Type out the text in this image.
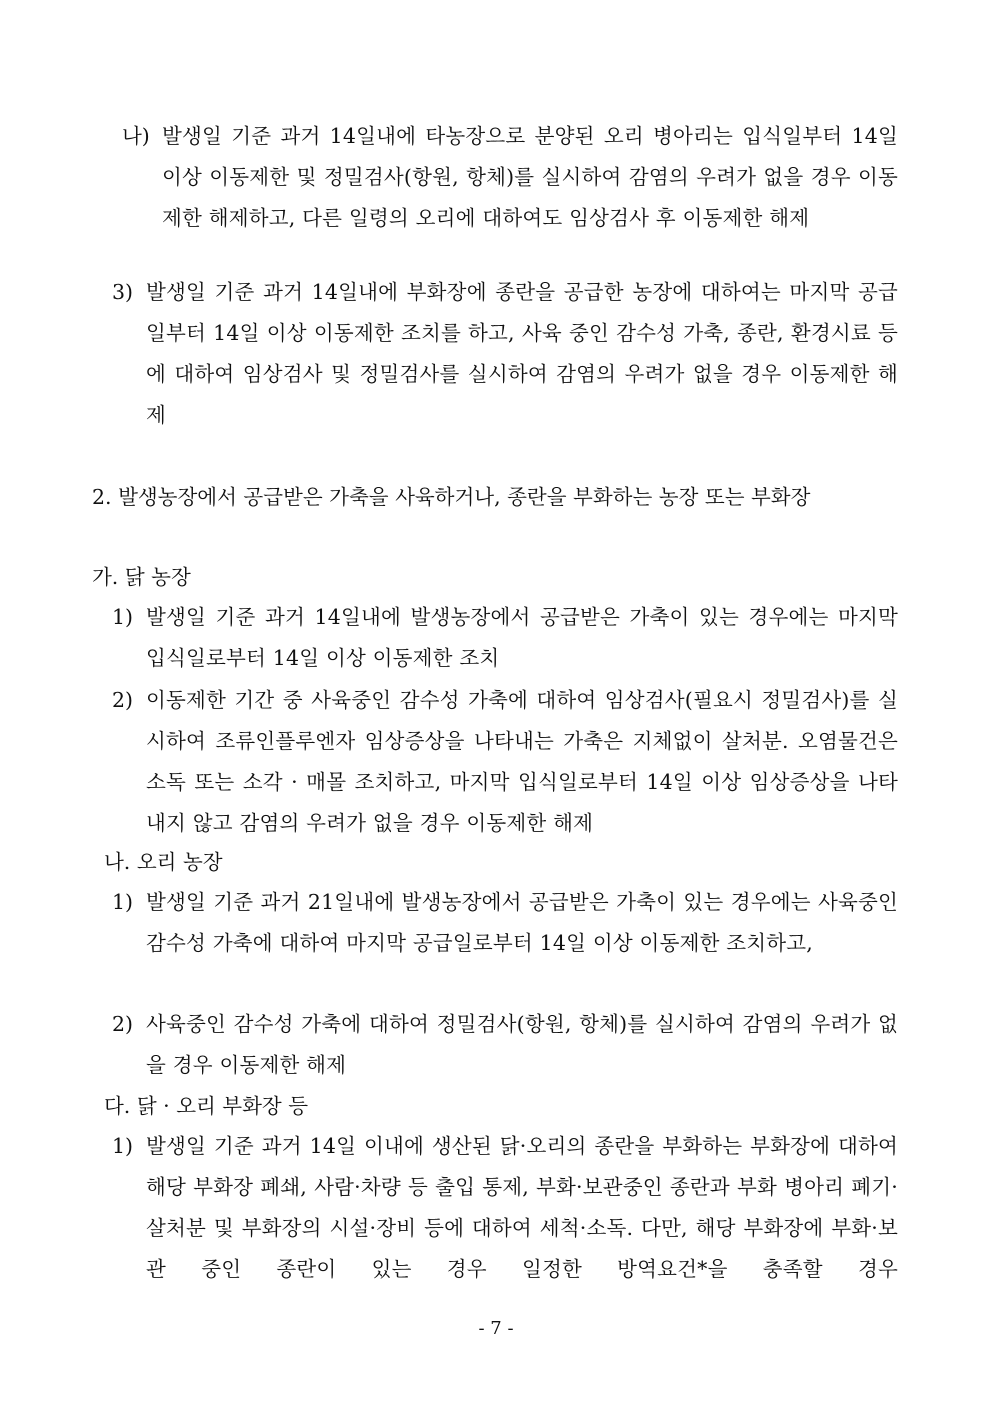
나) 발생일 기준 과거 14일내에 타농장으로 분양된 오리 병아리는 입식일부터 14일 이상 이동제한 및 정밀검사(항원, 항체)를 실시하여 감염의 우려가 없을 경우 이동제한 해제하고, 다른 일령의 오리에 대하여도 임상검사 후 이동제한 해제

3) 발생일 기준 과거 14일내에 부화장에 종란을 공급한 농장에 대하여는 마지막 공급일부터 14일 이상 이동제한 조치를 하고, 사육 중인 감수성 가축, 종란, 환경시료 등에 대하여 임상검사 및 정밀검사를 실시하여 감염의 우려가 없을 경우 이동제한 해제

2. 발생농장에서 공급받은 가축을 사육하거나, 종란을 부화하는 농장 또는 부화장
가. 닭 농장
1) 발생일 기준 과거 14일내에 발생농장에서 공급받은 가축이 있는 경우에는 마지막 입식일로부터 14일 이상 이동제한 조치

2) 이동제한 기간 중 사육중인 감수성 가축에 대하여 임상검사(필요시 정밀검사)를 실시하여 조류인플루엔자 임상증상을 나타내는 가축은 지체없이 살처분. 오염물건은 소독 또는 소각 · 매몰 조치하고, 마지막 입식일로부터 14일 이상 임상증상을 나타내지 않고 감염의 우려가 없을 경우 이동제한 해제

나. 오리 농장
1) 발생일 기준 과거 21일내에 발생농장에서 공급받은 가축이 있는 경우에는 사육중인 감수성 가축에 대하여 마지막 공급일로부터 14일 이상 이동제한 조치하고,

2) 사육중인 감수성 가축에 대하여 정밀검사(항원, 항체)를 실시하여 감염의 우려가 없을 경우 이동제한 해제

다. 닭 · 오리 부화장 등
1) 발생일 기준 과거 14일 이내에 생산된 닭·오리의 종란을 부화하는 부화장에 대하여 해당 부화장 폐쇄, 사람·차량 등 출입 통제, 부화·보관중인 종란과 부화 병아리 폐기·살처분 및 부화장의 시설·장비 등에 대하여 세척·소독. 다만, 해당 부화장에 부화·보관 중인 종란이 있는 경우 일정한 방역요건*을 충족할 경우

- 7 -
